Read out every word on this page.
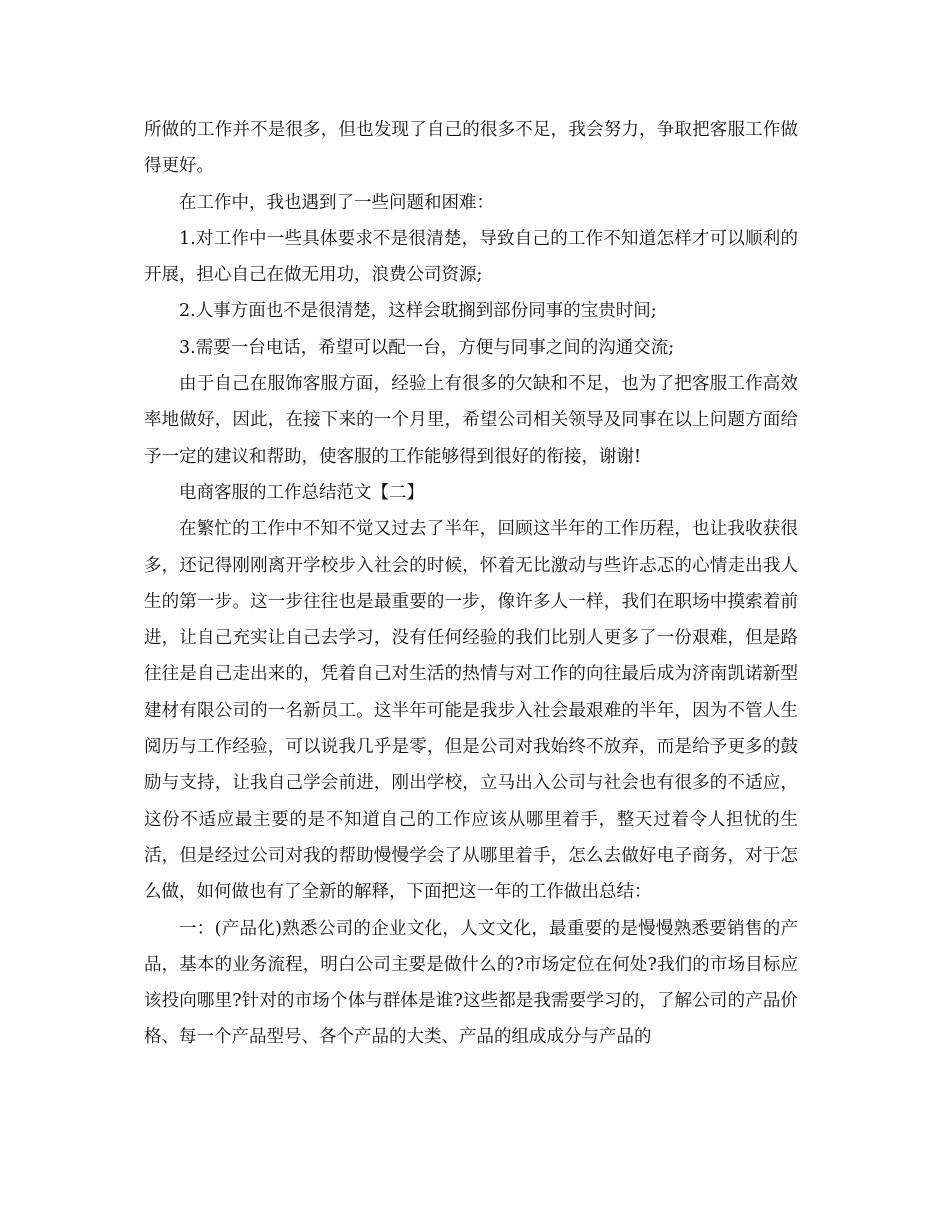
所做的工作并不是很多，但也发现了自己的很多不足，我会努力，争取把客服工作做得更好。

在工作中，我也遇到了一些问题和困难：

1.对工作中一些具体要求不是很清楚，导致自己的工作不知道怎样才可以顺利的开展，担心自己在做无用功，浪费公司资源;

2.人事方面也不是很清楚，这样会耽搁到部份同事的宝贵时间;

3.需要一台电话，希望可以配一台，方便与同事之间的沟通交流;

由于自己在服饰客服方面，经验上有很多的欠缺和不足，也为了把客服工作高效率地做好，因此，在接下来的一个月里，希望公司相关领导及同事在以上问题方面给予一定的建议和帮助，使客服的工作能够得到很好的衔接，谢谢!

电商客服的工作总结范文【二】

在繁忙的工作中不知不觉又过去了半年，回顾这半年的工作历程，也让我收获很多，还记得刚刚离开学校步入社会的时候，怀着无比激动与些许忐忑的心情走出我人生的第一步。这一步往往也是最重要的一步，像许多人一样，我们在职场中摸索着前进，让自己充实让自己去学习，没有任何经验的我们比别人更多了一份艰难，但是路往往是自己走出来的，凭着自己对生活的热情与对工作的向往最后成为济南凯诺新型建材有限公司的一名新员工。这半年可能是我步入社会最艰难的半年，因为不管人生阅历与工作经验，可以说我几乎是零，但是公司对我始终不放弃，而是给予更多的鼓励与支持，让我自己学会前进，刚出学校，立马出入公司与社会也有很多的不适应，这份不适应最主要的是不知道自己的工作应该从哪里着手，整天过着令人担忧的生活，但是经过公司对我的帮助慢慢学会了从哪里着手，怎么去做好电子商务，对于怎么做，如何做也有了全新的解释，下面把这一年的工作做出总结：

一：(产品化)熟悉公司的企业文化，人文文化，最重要的是慢慢熟悉要销售的产品，基本的业务流程，明白公司主要是做什么的?市场定位在何处?我们的市场目标应该投向哪里?针对的市场个体与群体是谁?这些都是我需要学习的，了解公司的产品价格、每一个产品型号、各个产品的大类、产品的组成成分与产品的
